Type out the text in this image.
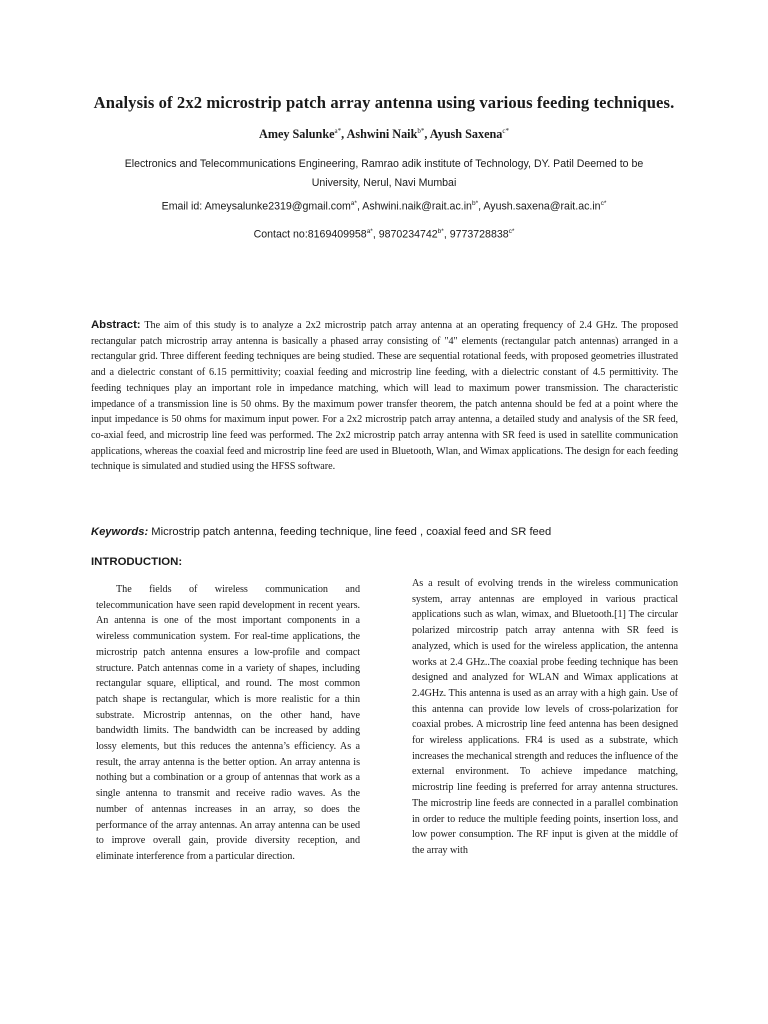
Analysis of 2x2 microstrip patch array antenna using various feeding techniques.
Amey Salunke$^{a*}$, Ashwini Naik$^{b*}$, Ayush Saxena$^{c*}$

Electronics and Telecommunications Engineering, Ramrao adik institute of Technology, DY. Patil Deemed to be University, Nerul, Navi Mumbai

Email id: Ameysalunke2319@gmail.com$^{a*}$, $Ashwini.naik@rait.ac.in^{b*}$, $Ayush.saxena@rait.ac.in^{c*}$
Contact $no:8169409958^{a*}$, $9870234742^{b*}$, $9773728838^{c*}$

Abstract: The aim of this study is to analyze a 2x2 microstrip patch array antenna at an operating frequency of 2.4 GHz. The proposed rectangular patch microstrip array antenna is basically a phased array consisting of "4" elements (rectangular patch antennas) arranged in a rectangular grid. Three different feeding techniques are being studied. These are sequential rotational feeds, with proposed geometries illustrated and a dielectric constant of 6.15 permittivity; coaxial feeding and microstrip line feeding, with a dielectric constant of 4.5 permittivity. The feeding techniques play an important role in impedance matching, which will lead to maximum power transmission. The characteristic impedance of a transmission line is 50 ohms. By the maximum power transfer theorem, the patch antenna should be fed at a point where the input impedance is 50 ohms for maximum input power. For a 2x2 microstrip patch array antenna, a detailed study and analysis of the SR feed, co-axial feed, and microstrip line feed was performed. The 2x2 microstrip patch array antenna with SR feed is used in satellite communication applications, whereas the coaxial feed and microstrip line feed are used in Bluetooth, Wlan, and Wimax applications. The design for each feeding technique is simulated and studied using the HFSS software.

Keywords: Microstrip patch antenna, feeding technique, line feed , coaxial feed and SR feed

INTRODUCTION:

The fields of wireless communication and telecommunication have seen rapid development in recent years. An antenna is one of the most important components in a wireless communication system. For real-time applications, the microstrip patch antenna ensures a low-profile and compact structure. Patch antennas come in a variety of shapes, including rectangular square, elliptical, and round. The most common patch shape is rectangular, which is more realistic for a thin substrate. Microstrip antennas, on the other hand, have bandwidth limits. The bandwidth can be increased by adding lossy elements, but this reduces the antenna’s efficiency. As a result, the array antenna is the better option. An array antenna is nothing but a combination or a group of antennas that work as a single antenna to transmit and receive radio waves. As the number of antennas increases in an array, so does the performance of the array antennas. An array antenna can be used to improve overall gain, provide diversity reception, and eliminate interference from a particular direction.

As a result of evolving trends in the wireless communication system, array antennas are employed in various practical applications such as wlan, wimax, and Bluetooth.[1] The circular polarized mircostrip patch array antenna with SR feed is analyzed, which is used for the wireless application, the antenna works at 2.4 GHz..The coaxial probe feeding technique has been designed and analyzed for WLAN and Wimax applications at 2.4GHz. This antenna is used as an array with a high gain. Use of this antenna can provide low levels of cross-polarization for coaxial probes. A microstrip line feed antenna has been designed for wireless applications. FR4 is used as a substrate, which increases the mechanical strength and reduces the influence of the external environment. To achieve impedance matching, microstrip line feeding is preferred for array antenna structures. The microstrip line feeds are connected in a parallel combination in order to reduce the multiple feeding points, insertion loss, and low power consumption. The RF input is given at the middle of the array with
